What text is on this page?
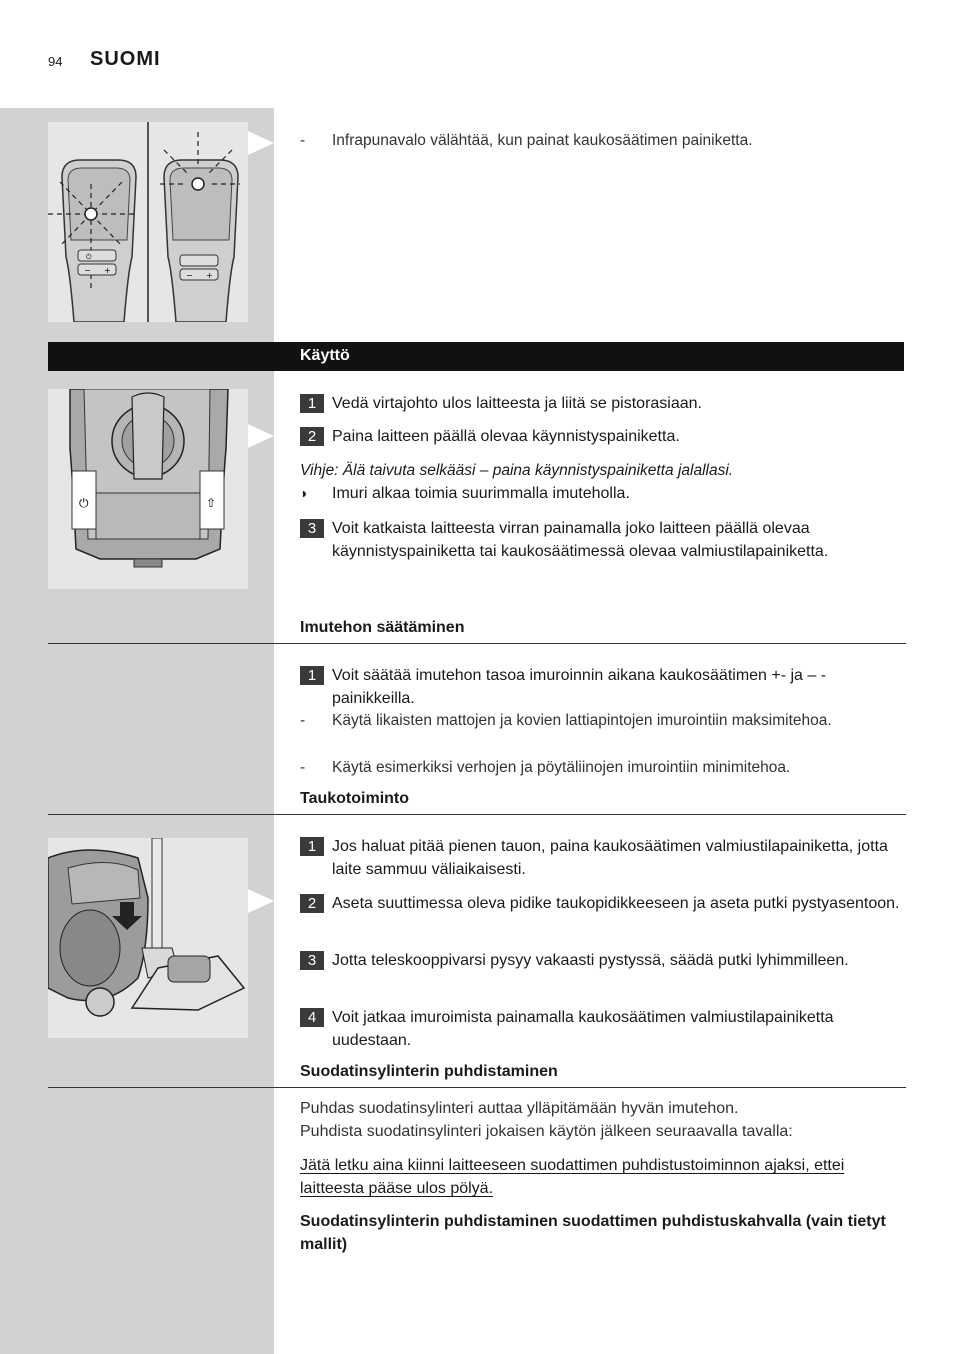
94 SUOMI
⏻
− +
− +
-	Infrapunavalo välähtää, kun painat kaukosäätimen painiketta.
Käyttö
⏻	⇧
1 Vedä virtajohto ulos laitteesta ja liitä se pistorasiaan.
2 Paina laitteen päällä olevaa käynnistyspainiketta.
Vihje: Älä taivuta selkääsi – paina käynnistyspainiketta jalallasi.
◗	Imuri alkaa toimia suurimmalla imuteholla.
3 Voit katkaista laitteesta virran painamalla joko laitteen päällä olevaa käynnistyspainiketta tai kaukosäätimessä olevaa valmiustilapainiketta.
Imutehon säätäminen
1 Voit säätää imutehon tasoa imuroinnin aikana kaukosäätimen +- ja – -painikkeilla.
-	Käytä likaisten mattojen ja kovien lattiapintojen imurointiin maksimitehoa.
-	Käytä esimerkiksi verhojen ja pöytäliinojen imurointiin minimitehoa.
Taukotoiminto
1 Jos haluat pitää pienen tauon, paina kaukosäätimen valmiustilapainiketta, jotta laite sammuu väliaikaisesti.
2 Aseta suuttimessa oleva pidike taukopidikkeeseen ja aseta putki pystyasentoon.
3 Jotta teleskooppivarsi pysyy vakaasti pystyssä, säädä putki lyhimmilleen.
4 Voit jatkaa imuroimista painamalla kaukosäätimen valmiustilapainiketta uudestaan.
Suodatinsylinterin puhdistaminen
Puhdas suodatinsylinteri auttaa ylläpitämään hyvän imutehon.
Puhdista suodatinsylinteri jokaisen käytön jälkeen seuraavalla tavalla:
Jätä letku aina kiinni laitteeseen suodattimen puhdistustoiminnon ajaksi, ettei laitteesta pääse ulos pölyä.
Suodatinsylinterin puhdistaminen suodattimen puhdistuskahvalla (vain tietyt mallit)
